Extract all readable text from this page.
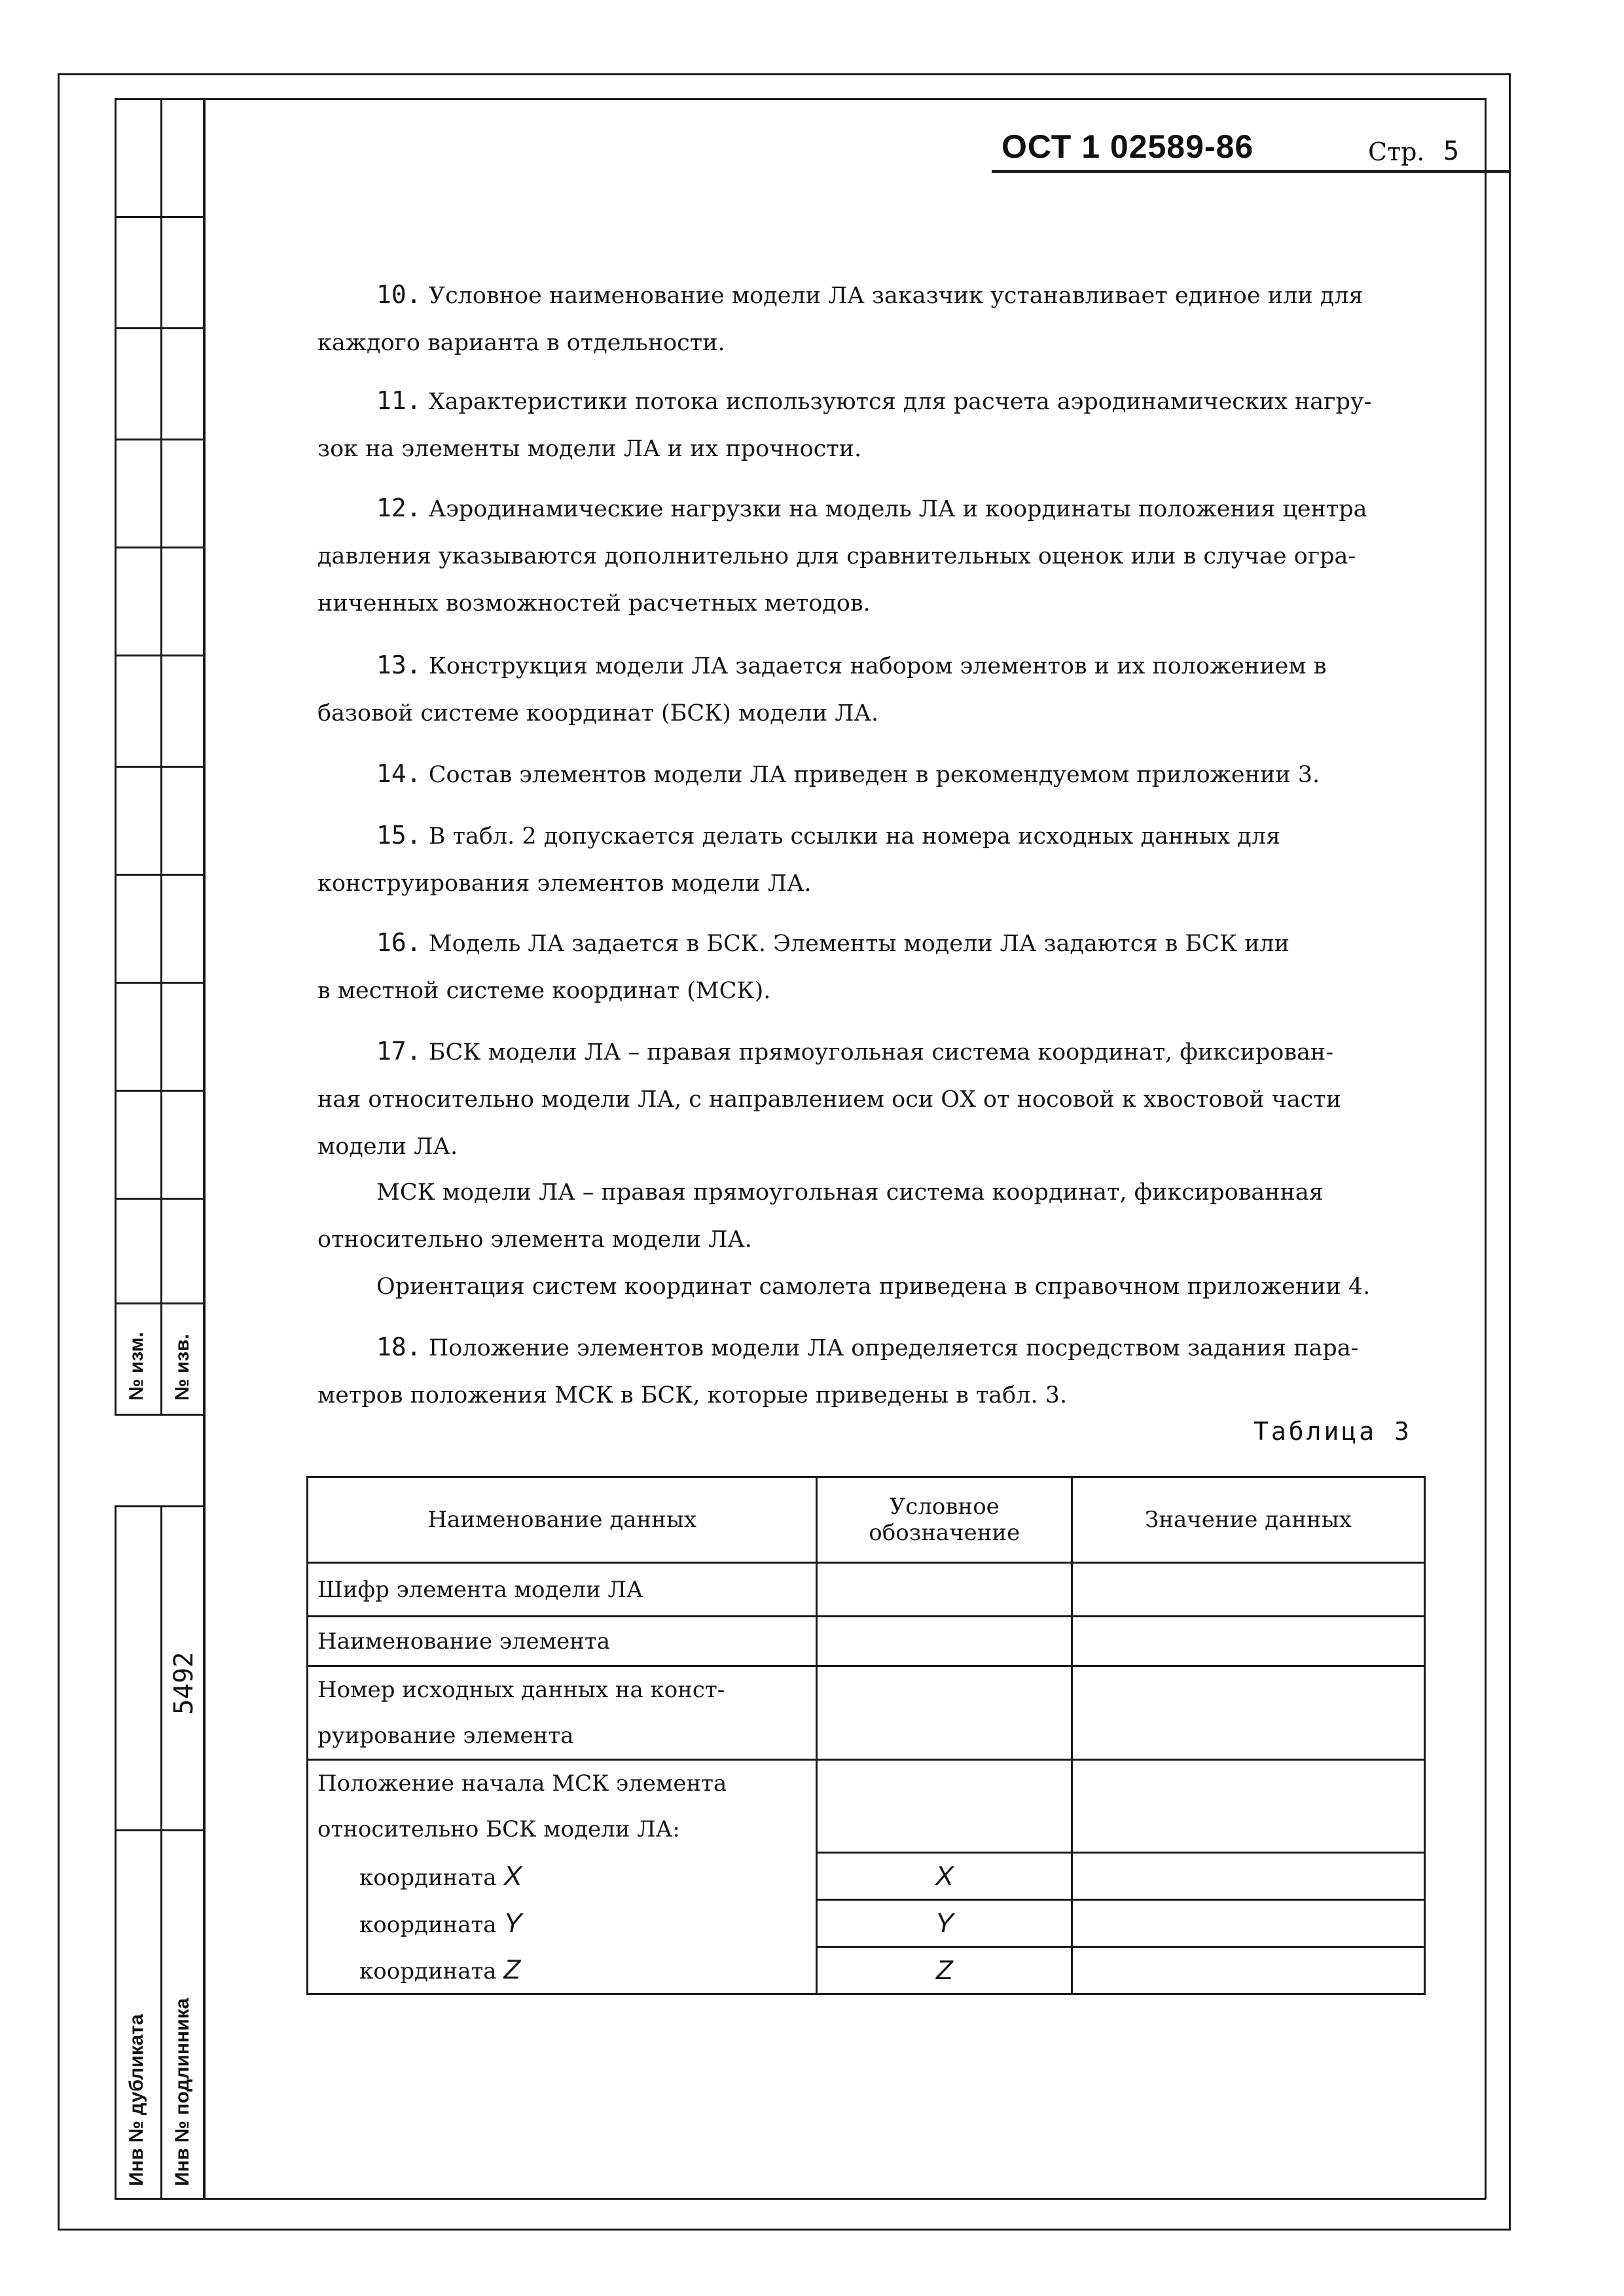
№ изм. № изв.
5492
Инв № дубликата Инв № подлинника
ОСТ 1 02589-86	Стр. 5
10. Условное наименование модели ЛА заказчик устанавливает единое или для
каждого варианта в отдельности.
11. Характеристики потока используются для расчета аэродинамических нагру-
зок на элементы модели ЛА и их прочности.
12. Аэродинамические нагрузки на модель ЛА и координаты положения центра
давления указываются дополнительно для сравнительных оценок или в случае огра-
ниченных возможностей расчетных методов.
13. Конструкция модели ЛА задается набором элементов и их положением в
базовой системе координат (БСК) модели ЛА.
14. Состав элементов модели ЛА приведен в рекомендуемом приложении 3.
15. В табл. 2 допускается делать ссылки на номера исходных данных для
конструирования элементов модели ЛА.
16. Модель ЛА задается в БСК. Элементы модели ЛА задаются в БСК или
в местной системе координат (МСК).
17. БСК модели ЛА – правая прямоугольная система координат, фиксирован-
ная относительно модели ЛА, с направлением оси ОХ от носовой к хвостовой части
модели ЛА.
МСК модели ЛА – правая прямоугольная система координат, фиксированная
относительно элемента модели ЛА.
Ориентация систем координат самолета приведена в справочном приложении 4.
18. Положение элементов модели ЛА определяется посредством задания пара-
метров положения МСК в БСК, которые приведены в табл. 3.
Таблица 3
Наименование данных	Условное обозначение	Значение данных
Шифр элемента модели ЛА		
Наименование элемента		
Номер исходных данных на конст-руирование элемента		
Положение начала МСК элемента относительно БСК модели ЛА:		
координата X	X	
координата Y	Y	
координата Z	Z	
